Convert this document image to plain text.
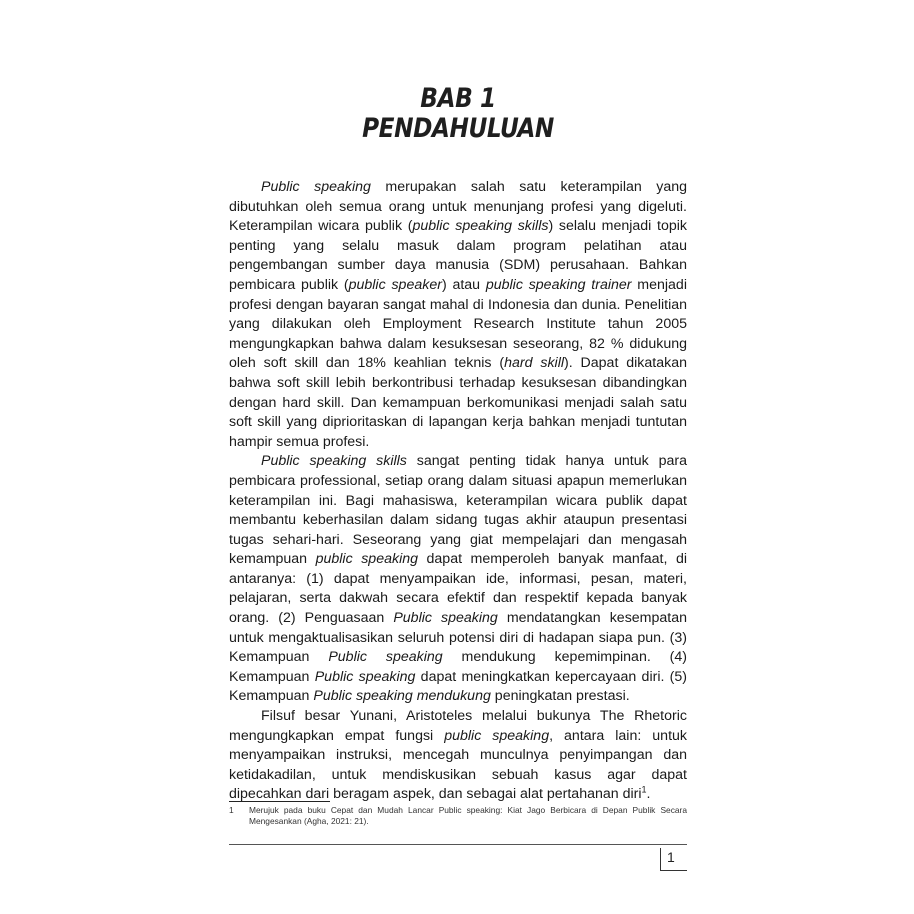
BAB 1
PENDAHULUAN

Public speaking merupakan salah satu keterampilan yang dibutuhkan oleh semua orang untuk menunjang profesi yang digeluti. Keterampilan wicara publik (public speaking skills) selalu menjadi topik penting yang selalu masuk dalam program pelatihan atau pengembangan sumber daya manusia (SDM) perusahaan. Bahkan pembicara publik (public speaker) atau public speaking trainer menjadi profesi dengan bayaran sangat mahal di Indonesia dan dunia. Penelitian yang dilakukan oleh Employment Research Institute tahun 2005 mengungkapkan bahwa dalam kesuksesan seseorang, 82 % didukung oleh soft skill dan 18% keahlian teknis (hard skill). Dapat dikatakan bahwa soft skill lebih berkontribusi terhadap kesuksesan dibandingkan dengan hard skill. Dan kemampuan berkomunikasi menjadi salah satu soft skill yang diprioritaskan di lapangan kerja bahkan menjadi tuntutan hampir semua profesi.

Public speaking skills sangat penting tidak hanya untuk para pembicara professional, setiap orang dalam situasi apapun memerlukan keterampilan ini. Bagi mahasiswa, keterampilan wicara publik dapat membantu keberhasilan dalam sidang tugas akhir ataupun presentasi tugas sehari-hari. Seseorang yang giat mempelajari dan mengasah kemampuan public speaking dapat memperoleh banyak manfaat, di antaranya: (1) dapat menyampaikan ide, informasi, pesan, materi, pelajaran, serta dakwah secara efektif dan respektif kepada banyak orang. (2) Penguasaan Public speaking mendatangkan kesempatan untuk mengaktualisasikan seluruh potensi diri di hadapan siapa pun. (3) Kemampuan Public speaking mendukung kepemimpinan. (4) Kemampuan Public speaking dapat meningkatkan kepercayaan diri. (5) Kemampuan Public speaking mendukung peningkatan prestasi.

Filsuf besar Yunani, Aristoteles melalui bukunya The Rhetoric mengungkapkan empat fungsi public speaking, antara lain: untuk menyampaikan instruksi, mencegah munculnya penyimpangan dan ketidakadilan, untuk mendiskusikan sebuah kasus agar dapat dipecahkan dari beragam aspek, dan sebagai alat pertahanan diri$^1$.

1	Merujuk pada buku Cepat dan Mudah Lancar Public speaking: Kiat Jago Berbicara di Depan Publik Secara Mengesankan (Agha, 2021: 21).
1
